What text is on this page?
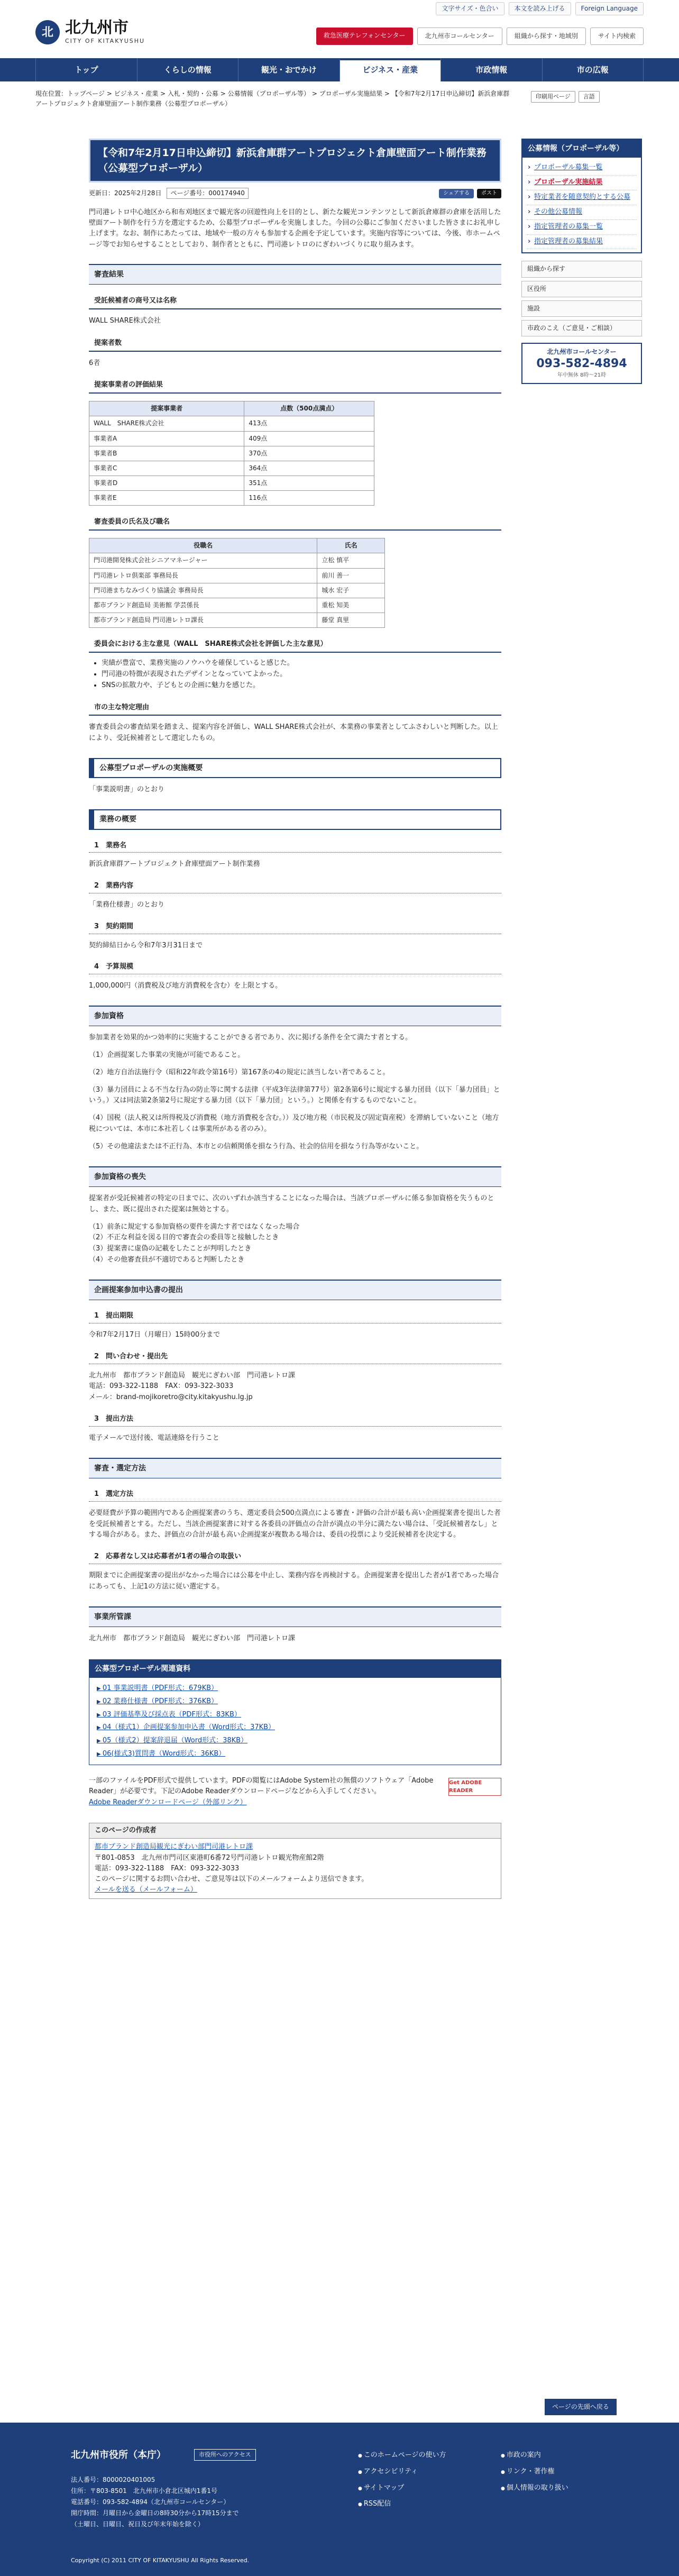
北 北九州市
CITY OF KITAKYUSHU
文字サイズ・色合い	本文を読み上げる	Foreign Language
救急医療テレフォンセンター	北九州市コールセンター	組織から探す・地域別	サイト内検索
トップ	くらしの情報	観光・おでかけ	ビジネス・産業	市政情報	市の広報
現在位置：トップページ > ビジネス・産業 > 入札・契約・公募 > 公募情報（プロポーザル等） > プロポーザル実施結果 > 【令和7年2月17日申込締切】新浜倉庫群アートプロジェクト倉庫壁面アート制作業務（公募型プロポーザル）
印刷用ページ	言語
【令和7年2月17日申込締切】新浜倉庫群アートプロジェクト倉庫壁面アート制作業務（公募型プロポーザル）
更新日：2025年2月28日	ページ番号：000174940	シェアする	ポスト

門司港レトロ中心地区から和布刈地区まで観光客の回遊性向上を目的とし、新たな観光コンテンツとして新浜倉庫群の倉庫を活用した壁面アート制作を行う方を選定するため、公募型プロポーザルを実施しました。今回の公募にご参加くださいました皆さまにお礼申し上げます。なお、制作にあたっては、地域や一般の方々も参加する企画を予定しています。実施内容等については、今後、市ホームページ等でお知らせすることとしており、制作者とともに、門司港レトロのにぎわいづくりに取り組みます。

審査結果
受託候補者の商号又は名称

WALL SHARE株式会社

提案者数

6者

提案事業者の評価結果
提案事業者	点数（500点満点）
WALL　SHARE株式会社	413点
事業者A	409点
事業者B	370点
事業者C	364点
事業者D	351点
事業者E	116点
審査委員の氏名及び職名
役職名	氏名
門司港開発株式会社シニアマネージャー	立松 慎平
門司港レトロ倶楽部 事務局長	前川 善一
門司港まちなみづくり協議会 事務局長	城水 宏子
都市ブランド創造局 美術館 学芸係長	重松 知美
都市ブランド創造局 門司港レトロ課長	藤堂 真里
委員会における主な意見（WALL　SHARE株式会社を評価した主な意見）
• 実績が豊富で、業務実施のノウハウを確保していると感じた。
• 門司港の特徴が表現されたデザインとなっていてよかった。
• SNSの拡散力や、子どもとの企画に魅力を感じた。
市の主な特定理由

審査委員会の審査結果を踏まえ、提案内容を評価し、WALL SHARE株式会社が、本業務の事業者としてふさわしいと判断した。以上により、受託候補者として選定したもの。

公募型プロポーザルの実施概要

「事業説明書」のとおり

業務の概要
1　業務名

新浜倉庫群アートプロジェクト倉庫壁面アート制作業務

2　業務内容

「業務仕様書」のとおり

3　契約期間

契約締結日から令和7年3月31日まで

4　予算規模

1,000,000円（消費税及び地方消費税を含む）を上限とする。

参加資格

参加業者を効果的かつ効率的に実施することができる者であり、次に掲げる条件を全て満たす者とする。

（1）企画提案した事業の実施が可能であること。

（2）地方自治法施行令（昭和22年政令第16号）第167条の4の規定に該当しない者であること。

（3）暴力団員による不当な行為の防止等に関する法律（平成3年法律第77号）第2条第6号に規定する暴力団員（以下「暴力団員」という。）又は同法第2条第2号に規定する暴力団（以下「暴力団」という。）と関係を有するものでないこと。

（4）国税（法人税又は所得税及び消費税（地方消費税を含む。））及び地方税（市民税及び固定資産税）を滞納していないこと（地方税については、本市に本社若しくは事業所がある者のみ）。

（5）その他違法または不正行為、本市との信頼関係を損なう行為、社会的信用を損なう行為等がないこと。

参加資格の喪失

提案者が受託候補者の特定の日までに、次のいずれか該当することになった場合は、当該プロポーザルに係る参加資格を失うものとし、また、既に提出された提案は無効とする。

（1）前条に規定する参加資格の要件を満たす者ではなくなった場合
（2）不正な利益を図る目的で審査会の委員等と接触したとき
（3）提案書に虚偽の記載をしたことが判明したとき
（4）その他審査員が不適切であると判断したとき
企画提案参加申込書の提出
1　提出期限

令和7年2月17日（月曜日）15時00分まで

2　問い合わせ・提出先
北九州市　都市ブランド創造局　観光にぎわい部　門司港レトロ課
電話：093-322-1188　FAX：093-322-3033
メール：brand-mojikoretro@city.kitakyushu.lg.jp
3　提出方法

電子メールで送付後、電話連絡を行うこと

審査・選定方法
1　選定方法

必要経費が予算の範囲内である企画提案書のうち、選定委員会500点満点による審査・評価の合計が最も高い企画提案書を提出した者を受託候補者とする。ただし、当該企画提案書に対する各委員の評価点の合計が満点の半分に満たない場合は、「受託候補者なし」とする場合がある。また、評価点の合計が最も高い企画提案が複数ある場合は、委員の投票により受託候補者を決定する。

2　応募者なし又は応募者が1者の場合の取扱い

期限までに企画提案書の提出がなかった場合には公募を中止し、業務内容を再検討する。企画提案書を提出した者が1者であった場合にあっても、上記1の方法に従い選定する。

事業所管課

北九州市　都市ブランド創造局　観光にぎわい部　門司港レトロ課

公募型プロポーザル関連資料
▶ 01 事業説明書（PDF形式：679KB）
▶ 02 業務仕様書（PDF形式：376KB）
▶ 03 評価基準及び採点表（PDF形式：83KB）
▶ 04（様式1）企画提案参加申込書（Word形式：37KB）
▶ 05（様式2）提案辞退届（Word形式：38KB）
▶ 06(様式3)質問書（Word形式：36KB）
一部のファイルをPDF形式で提供しています。PDFの閲覧にはAdobe System社の無償のソフトウェア「Adobe Reader」が必要です。下記のAdobe Readerダウンロードページなどから入手してください。
Adobe Readerダウンロードページ（外部リンク）
Get ADOBE READER
このページの作成者
都市ブランド創造局観光にぎわい部門司港レトロ課
〒801-0853　北九州市門司区東港町6番72号門司港レトロ観光物産館2階
電話：093-322-1188　FAX：093-322-3033
このページに関するお問い合わせ、ご意見等は以下のメールフォームより送信できます。
メールを送る（メールフォーム）
公募情報（プロポーザル等）
› プロポーザル募集一覧
› プロポーザル実施結果
› 特定業者を随意契約とする公募
› その他公募情報
› 指定管理者の募集一覧
› 指定管理者の募集結果
組織から探す
区役所
施設
市政のこえ（ご意見・ご相談）
北九州市コールセンター
093-582-4894
年中無休 8時〜21時
ページの先頭へ戻る
北九州市役所（本庁）	市役所へのアクセス
法人番号：8000020401005
住所：〒803-8501　北九州市小倉北区城内1番1号
電話番号：093-582-4894（北九州市コールセンター）
開庁時間：月曜日から金曜日の8時30分から17時15分まで
（土曜日、日曜日、祝日及び年末年始を除く）
● このホームページの使い方	● 市政の案内
● アクセシビリティ	● リンク・著作権
● サイトマップ	● 個人情報の取り扱い
● RSS配信
Copyright (C) 2011 CITY OF KITAKYUSHU All Rights Reserved.
